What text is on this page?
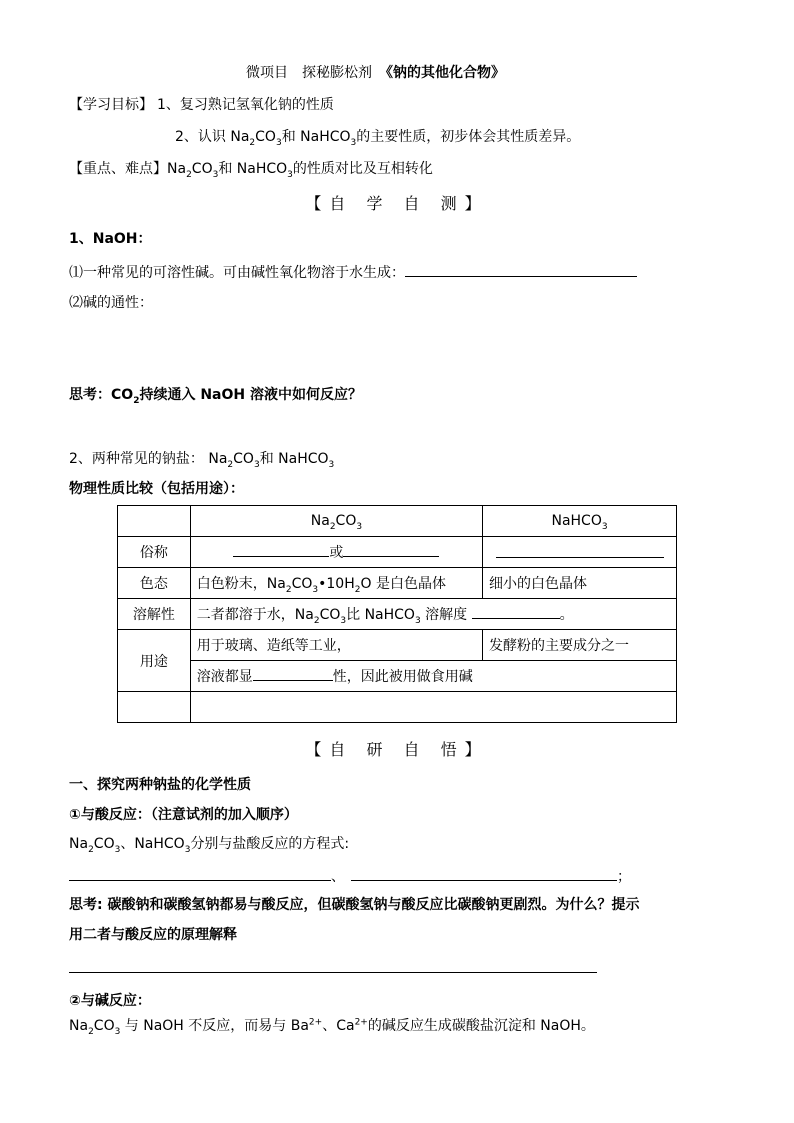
微项目　探秘膨松剂　《钠的其他化合物》
【学习目标】 1、复习熟记氢氧化钠的性质
2、认识 $Na_2CO_3$和 NaHCO$_3$的主要性质，初步体会其性质差异。
【重点、难点】$Na_2CO_3$和 NaHCO$_3$的性质对比及互相转化
【自 学 自 测】
1、NaOH：
⑴一种常见的可溶性碱。可由碱性氧化物溶于水生成：
⑵碱的通性：
思考：$CO_2$持续通入 NaOH 溶液中如何反应？
2、两种常见的钠盐： $Na_2CO_3$和 NaHCO$_3$
物理性质比较（包括用途）：
	$Na_2CO_3$	NaHCO$_3$
俗称	或	
色态	白色粉末，$Na_2CO_3•10H_2O$ 是白色晶体	细小的白色晶体
溶解性	二者都溶于水，$Na_2CO_3$比 NaHCO$_3$ 溶解度 。	
用途	用于玻璃、造纸等工业，	发酵粉的主要成分之一
	溶液都显 性，因此被用做食用碱	

【自 研 自 悟】
一、探究两种钠盐的化学性质
①与酸反应：（注意试剂的加入顺序）
$Na_2CO_3$、NaHCO$_3$分别与盐酸反应的方程式:
、	；
思考: 碳酸钠和碳酸氢钠都易与酸反应，但碳酸氢钠与酸反应比碳酸钠更剧烈。为什么？提示
用二者与酸反应的原理解释
②与碱反应：
$Na_2CO_3$ 与 NaOH 不反应，而易与 $Ba^{2+}$、$Ca^{2+}$的碱反应生成碳酸盐沉淀和 NaOH。
